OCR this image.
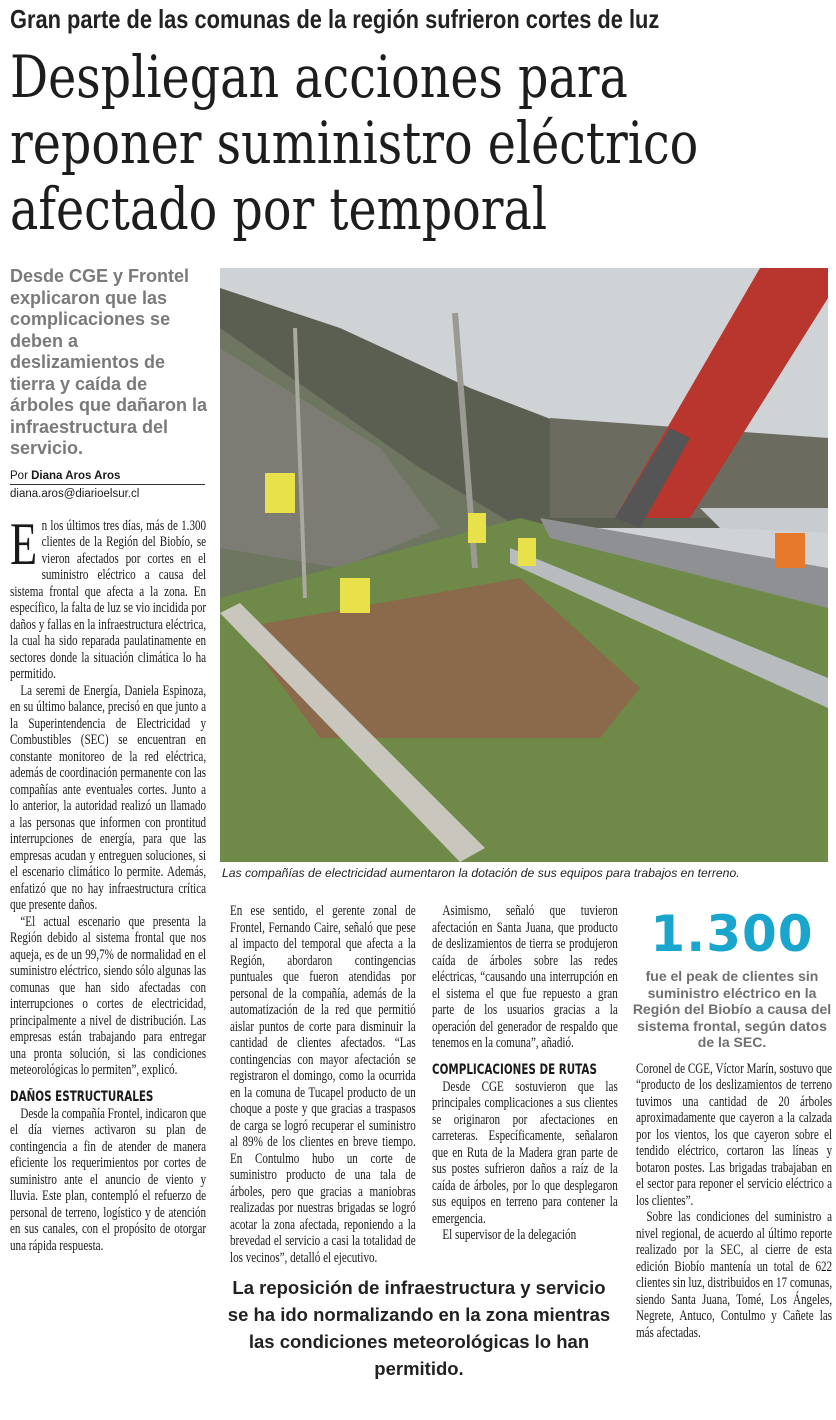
Gran parte de las comunas de la región sufrieron cortes de luz
Despliegan acciones para
reponer suministro eléctrico
afectado por temporal
Desde CGE y Frontel explicaron que las complicaciones se deben a deslizamientos de tierra y caída de árboles que dañaron la infraestructura del servicio.
Por Diana Aros Aros
diana.aros@diarioelsur.cl

En los últimos tres días, más de 1.300 clientes de la Región del Biobío, se vieron afectados por cortes en el suministro eléctrico a causa del sistema frontal que afecta a la zona. En específico, la falta de luz se vio incidida por daños y fallas en la infraestructura eléctrica, la cual ha sido reparada paulatinamente en sectores donde la situación climática lo ha permitido.

La seremi de Energía, Daniela Espinoza, en su último balance, precisó en que junto a la Superintendencia de Electricidad y Combustibles (SEC) se encuentran en constante monitoreo de la red eléctrica, además de coordinación permanente con las compañías ante eventuales cortes. Junto a lo anterior, la autoridad realizó un llamado a las personas que informen con prontitud interrupciones de energía, para que las empresas acudan y entreguen soluciones, si el escenario climático lo permite. Además, enfatizó que no hay infraestructura crítica que presente daños.

“El actual escenario que presenta la Región debido al sistema frontal que nos aqueja, es de un 99,7% de normalidad en el suministro eléctrico, siendo sólo algunas las comunas que han sido afectadas con interrupciones o cortes de electricidad, principalmente a nivel de distribución. Las empresas están trabajando para entregar una pronta solución, si las condiciones meteorológicas lo permiten”, explicó.

DAÑOS ESTRUCTURALES

Desde la compañía Frontel, indicaron que el día viernes activaron su plan de contingencia a fin de atender de manera eficiente los requerimientos por cortes de suministro ante el anuncio de viento y lluvia. Este plan, contempló el refuerzo de personal de terreno, logístico y de atención en sus canales, con el propósito de otorgar una rápida respuesta.

Las compañías de electricidad aumentaron la dotación de sus equipos para trabajos en terreno.

En ese sentido, el gerente zonal de Frontel, Fernando Caire, señaló que pese al impacto del temporal que afecta a la Región, abordaron contingencias puntuales que fueron atendidas por personal de la compañía, además de la automatización de la red que permitió aislar puntos de corte para disminuir la cantidad de clientes afectados. “Las contingencias con mayor afectación se registraron el domingo, como la ocurrida en la comuna de Tucapel producto de un choque a poste y que gracias a traspasos de carga se logró recuperar el suministro al 89% de los clientes en breve tiempo. En Contulmo hubo un corte de suministro producto de una tala de árboles, pero que gracias a maniobras realizadas por nuestras brigadas se logró acotar la zona afectada, reponiendo a la brevedad el servicio a casi la totalidad de los vecinos”, detalló el ejecutivo.

Asimismo, señaló que tuvieron afectación en Santa Juana, que producto de deslizamientos de tierra se produjeron caída de árboles sobre las redes eléctricas, “causando una interrupción en el sistema el que fue repuesto a gran parte de los usuarios gracias a la operación del generador de respaldo que tenemos en la comuna”, añadió.

COMPLICACIONES DE RUTAS

Desde CGE sostuvieron que las principales complicaciones a sus clientes se originaron por afectaciones en carreteras. Específicamente, señalaron que en Ruta de la Madera gran parte de sus postes sufrieron daños a raíz de la caída de árboles, por lo que desplegaron sus equipos en terreno para contener la emergencia.

El supervisor de la delegación

La reposición de infraestructura y servicio se ha ido normalizando en la zona mientras las condiciones meteorológicas lo han permitido.
1.300
fue el peak de clientes sin suministro eléctrico en la Región del Biobío a causa del sistema frontal, según datos de la SEC.

Coronel de CGE, Víctor Marín, sostuvo que “producto de los deslizamientos de terreno tuvimos una cantidad de 20 árboles aproximadamente que cayeron a la calzada por los vientos, los que cayeron sobre el tendido eléctrico, cortaron las líneas y botaron postes. Las brigadas trabajaban en el sector para reponer el servicio eléctrico a los clientes”.

Sobre las condiciones del suministro a nivel regional, de acuerdo al último reporte realizado por la SEC, al cierre de esta edición Biobío mantenía un total de 622 clientes sin luz, distribuidos en 17 comunas, siendo Santa Juana, Tomé, Los Ángeles, Negrete, Antuco, Contulmo y Cañete las más afectadas.
